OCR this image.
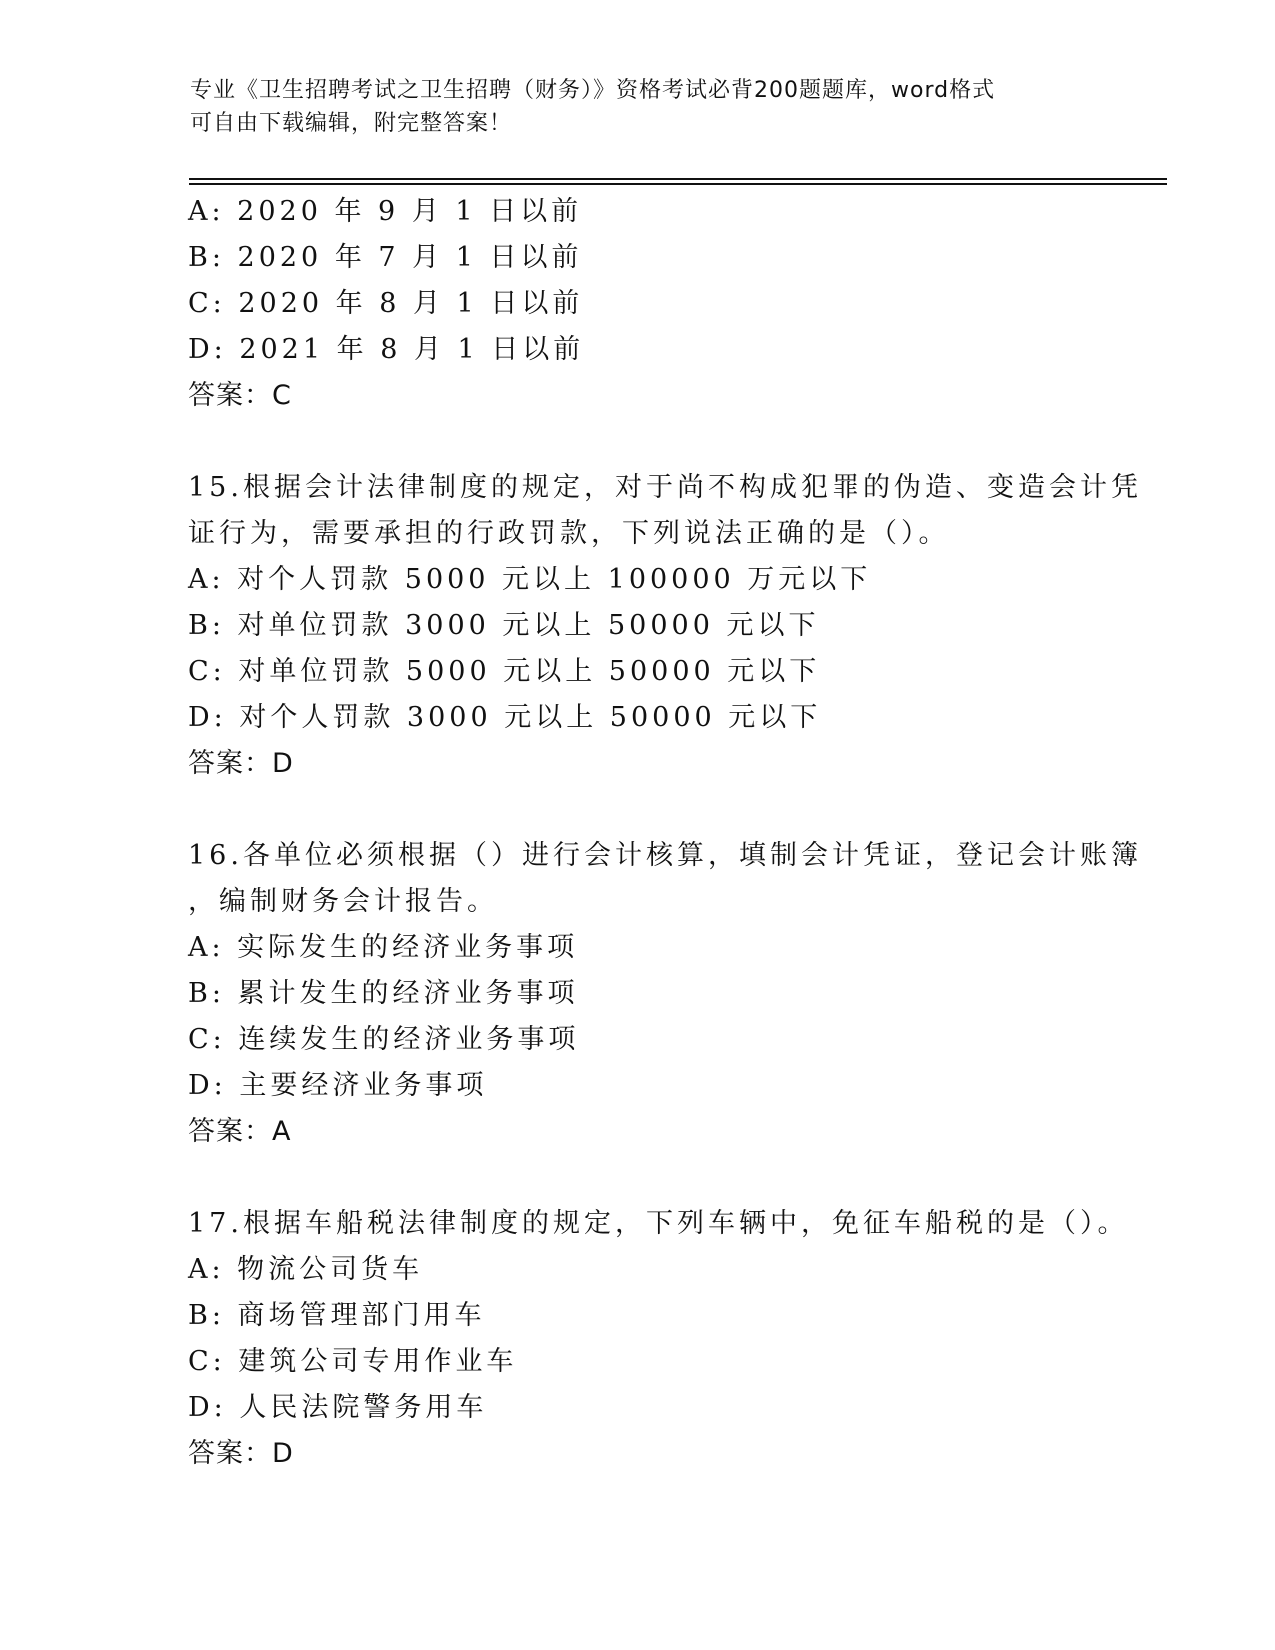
专业《卫生招聘考试之卫生招聘（财务）》资格考试必背200题题库，word格式
可自由下载编辑，附完整答案！
A: 2020 年 9 月 1 日以前
B: 2020 年 7 月 1 日以前
C: 2020 年 8 月 1 日以前
D: 2021 年 8 月 1 日以前
答案：C
15.根据会计法律制度的规定，对于尚不构成犯罪的伪造、变造会计凭
证行为，需要承担的行政罚款，下列说法正确的是（）。
A: 对个人罚款 5000 元以上 100000 万元以下
B: 对单位罚款 3000 元以上 50000 元以下
C: 对单位罚款 5000 元以上 50000 元以下
D: 对个人罚款 3000 元以上 50000 元以下
答案：D
16.各单位必须根据（）进行会计核算，填制会计凭证，登记会计账簿
，编制财务会计报告。
A: 实际发生的经济业务事项
B: 累计发生的经济业务事项
C: 连续发生的经济业务事项
D: 主要经济业务事项
答案：A
17.根据车船税法律制度的规定，下列车辆中，免征车船税的是（）。
A: 物流公司货车
B: 商场管理部门用车
C: 建筑公司专用作业车
D: 人民法院警务用车
答案：D
